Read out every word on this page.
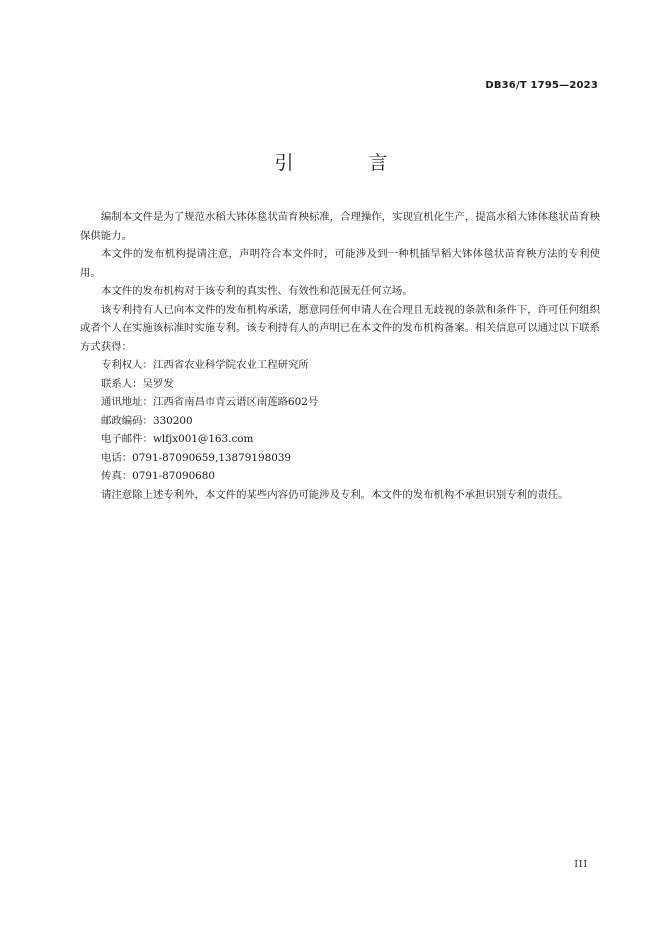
DB36/T 1795—2023
引　言

编制本文件是为了规范水稻大钵体毯状苗育秧标准，合理操作，实现宜机化生产，提高水稻大钵体毯状苗育秧保供能力。

本文件的发布机构提请注意，声明符合本文件时，可能涉及到一种机插旱稻大钵体毯状苗育秧方法的专利使用。

本文件的发布机构对于该专利的真实性、有效性和范围无任何立场。

该专利持有人已向本文件的发布机构承诺，愿意同任何申请人在合理且无歧视的条款和条件下，许可任何组织或者个人在实施该标准时实施专利。该专利持有人的声明已在本文件的发布机构备案。相关信息可以通过以下联系方式获得：

专利权人：江西省农业科学院农业工程研究所

联系人：吴罗发

通讯地址：江西省南昌市青云谱区南莲路602号

邮政编码：330200

电子邮件：wlfjx001@163.com

电话：0791-87090659,13879198039

传真：0791-87090680

请注意除上述专利外，本文件的某些内容仍可能涉及专利。本文件的发布机构不承担识别专利的责任。

III
